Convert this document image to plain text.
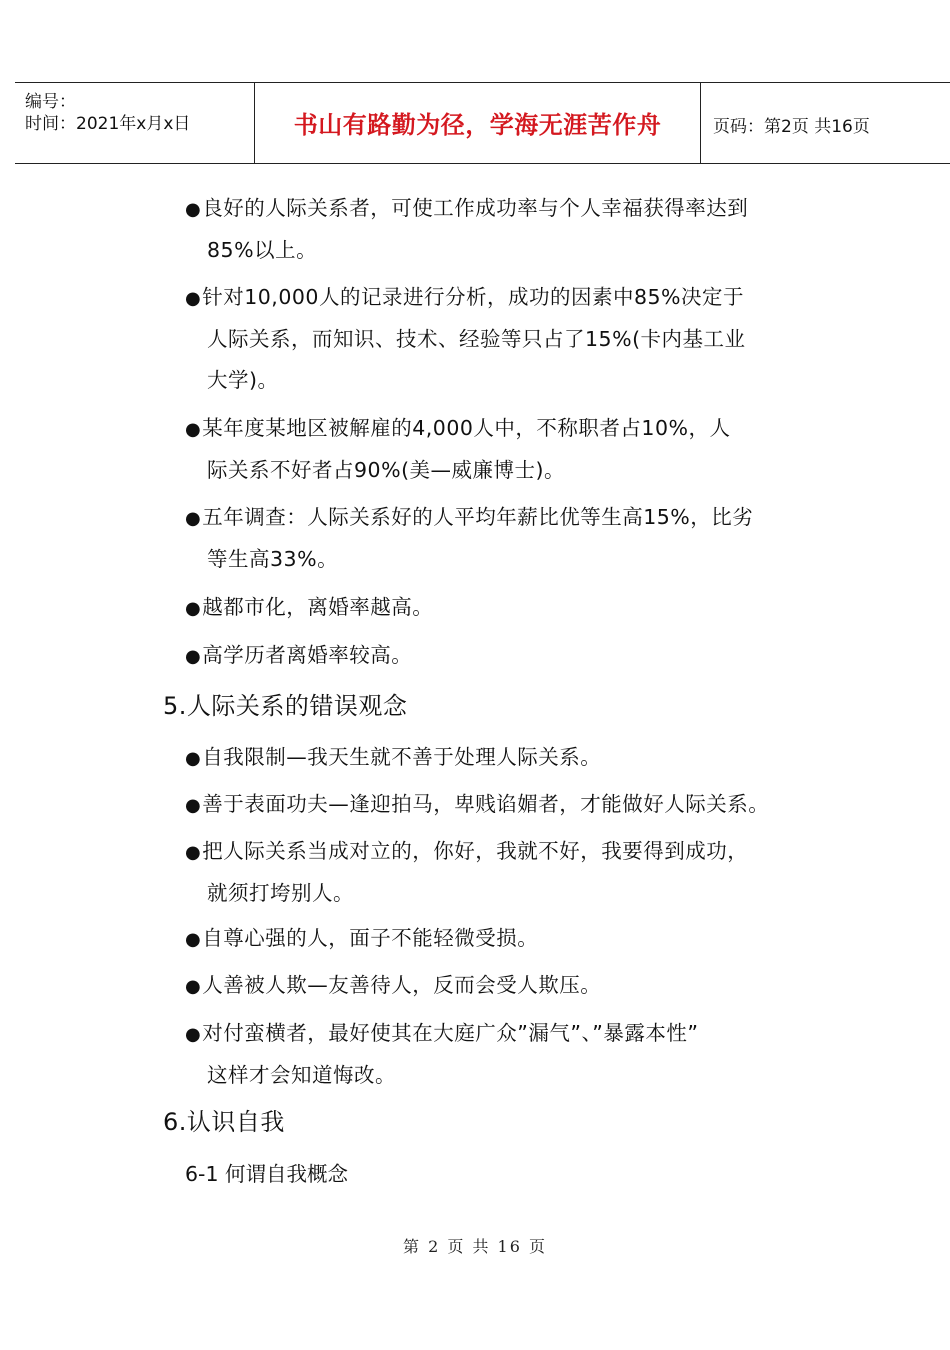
编号：
时间：2021年x月x日	书山有路勤为径，学海无涯苦作舟	页码：第2页 共16页
●良好的人际关系者，可使工作成功率与个人幸福获得率达到
85%以上。
●针对10,000人的记录进行分析，成功的因素中85%决定于
人际关系，而知识、技术、经验等只占了15%(卡内基工业
大学)。
●某年度某地区被解雇的4,000人中，不称职者占10%，人
际关系不好者占90%(美—威廉博士)。
●五年调查：人际关系好的人平均年薪比优等生高15%，比劣
等生高33%。
●越都市化，离婚率越高。
●高学历者离婚率较高。
5.人际关系的错误观念
●自我限制—我天生就不善于处理人际关系。
●善于表面功夫—逢迎拍马，卑贱谄媚者，才能做好人际关系。
●把人际关系当成对立的，你好，我就不好，我要得到成功，
就须打垮别人。
●自尊心强的人，面子不能轻微受损。
●人善被人欺—友善待人，反而会受人欺压。
●对付蛮横者，最好使其在大庭广众”漏气”、”暴露本性”
这样才会知道悔改。
6.认识自我
6-1 何谓自我概念
第 2 页 共 16 页
